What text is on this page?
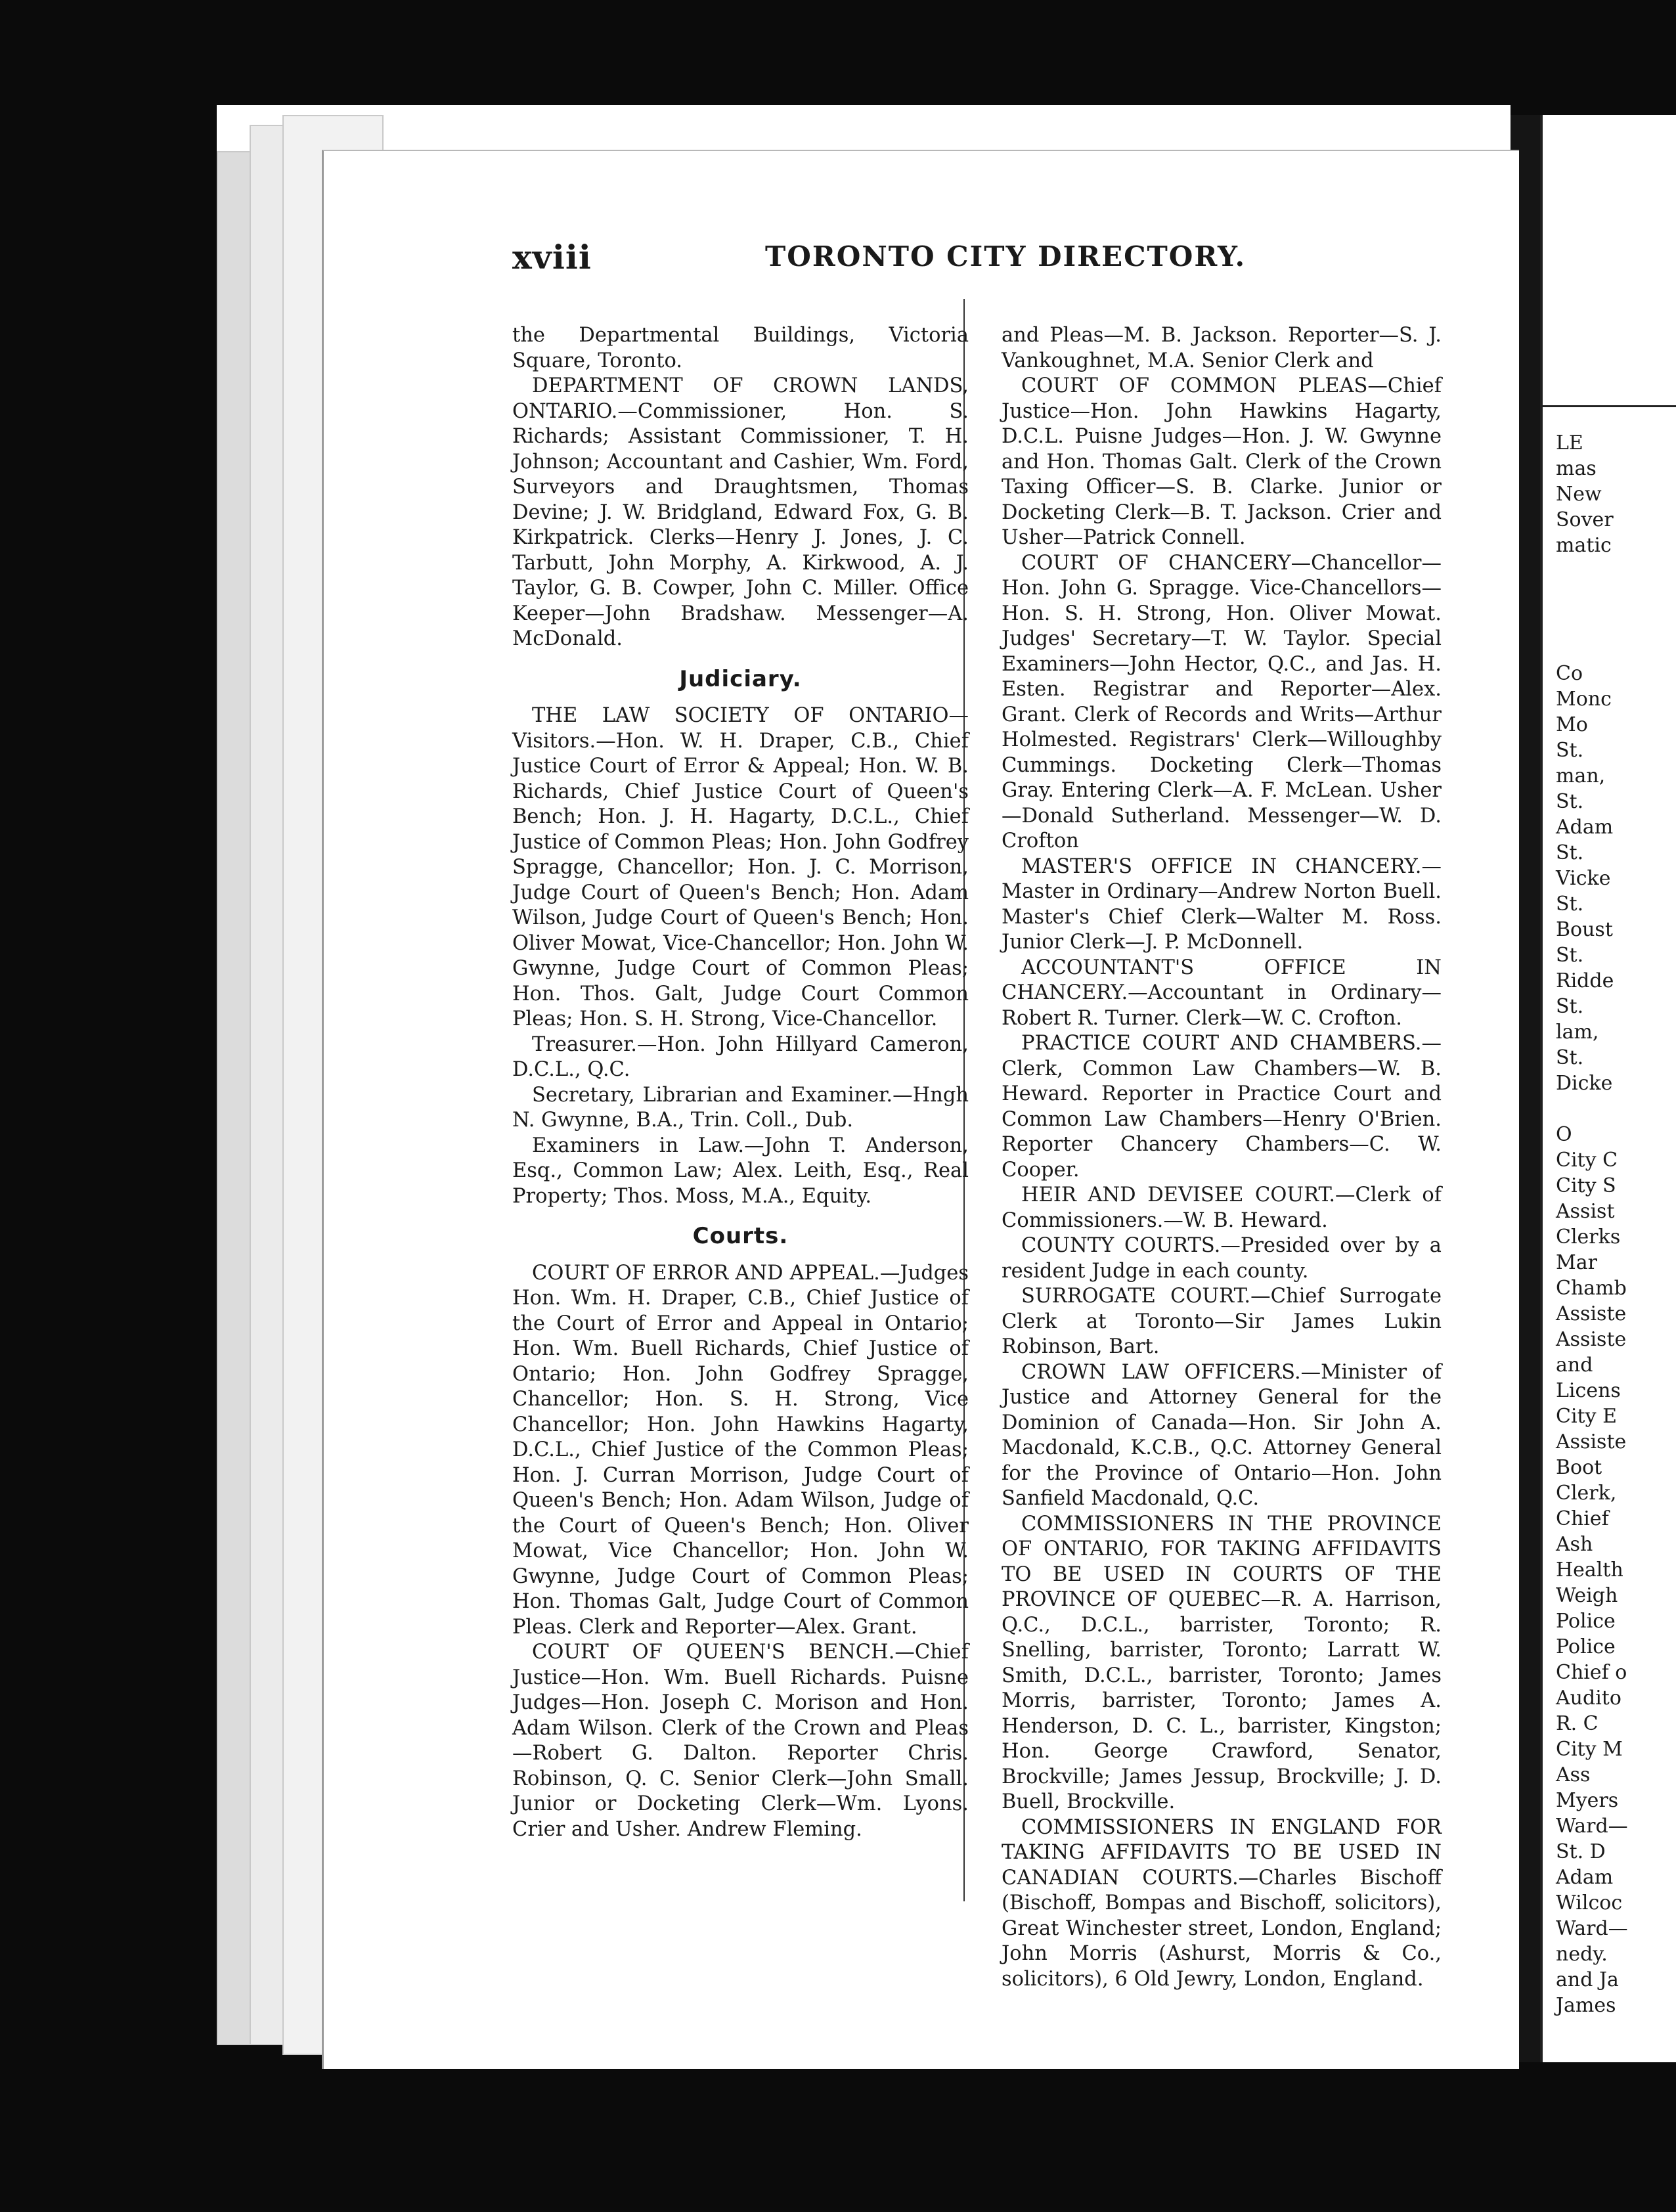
LE
mas
New
Sover
matic

Co
Monc
Mo
St.
man,
St.
Adam
St.
Vicke
St.
Boust
St.
Ridde
St.
lam,
St.
Dicke

O
City C
City S
Assist
Clerks
Mar
Chamb
Assiste
Assiste
and
Licens
City E
Assiste
Boot
Clerk,
Chief
Ash
Health
Weigh
Police
Police
Chief o
Audito
R. C
City M
Ass
Myers
Ward—
St. D
Adam
Wilcoc
Ward—
nedy.
and Ja
James
xviii	TORONTO CITY DIRECTORY.

the Departmental Buildings, Victoria Square, Toronto.

DEPARTMENT OF CROWN LANDS, ONTARIO.—Commissioner, Hon. S. Richards; Assistant Commissioner, T. H. Johnson; Accountant and Cashier, Wm. Ford, Surveyors and Draughtsmen, Thomas Devine; J. W. Bridgland, Edward Fox, G. B. Kirkpatrick. Clerks—Henry J. Jones, J. C. Tarbutt, John Morphy, A. Kirkwood, A. J. Taylor, G. B. Cowper, John C. Miller. Office Keeper—John Bradshaw. Messenger—A. McDonald.

Judiciary.

THE LAW SOCIETY OF ONTARIO—Visitors.—Hon. W. H. Draper, C.B., Chief Justice Court of Error & Appeal; Hon. W. B. Richards, Chief Justice Court of Queen's Bench; Hon. J. H. Hagarty, D.C.L., Chief Justice of Common Pleas; Hon. John Godfrey Spragge, Chancellor; Hon. J. C. Morrison, Judge Court of Queen's Bench; Hon. Adam Wilson, Judge Court of Queen's Bench; Hon. Oliver Mowat, Vice-Chancellor; Hon. John W. Gwynne, Judge Court of Common Pleas; Hon. Thos. Galt, Judge Court Common Pleas; Hon. S. H. Strong, Vice-Chancellor.

Treasurer.—Hon. John Hillyard Cameron, D.C.L., Q.C.

Secretary, Librarian and Examiner.—Hngh N. Gwynne, B.A., Trin. Coll., Dub.

Examiners in Law.—John T. Anderson, Esq., Common Law; Alex. Leith, Esq., Real Property; Thos. Moss, M.A., Equity.

Courts.

COURT OF ERROR AND APPEAL.—Judges Hon. Wm. H. Draper, C.B., Chief Justice of the Court of Error and Appeal in Ontario; Hon. Wm. Buell Richards, Chief Justice of Ontario; Hon. John Godfrey Spragge, Chancellor; Hon. S. H. Strong, Vice Chancellor; Hon. John Hawkins Hagarty, D.C.L., Chief Justice of the Common Pleas; Hon. J. Curran Morrison, Judge Court of Queen's Bench; Hon. Adam Wilson, Judge of the Court of Queen's Bench; Hon. Oliver Mowat, Vice Chancellor; Hon. John W. Gwynne, Judge Court of Common Pleas; Hon. Thomas Galt, Judge Court of Common Pleas. Clerk and Reporter—Alex. Grant.

COURT OF QUEEN'S BENCH.—Chief Justice—Hon. Wm. Buell Richards. Puisne Judges—Hon. Joseph C. Morison and Hon. Adam Wilson. Clerk of the Crown and Pleas—Robert G. Dalton. Reporter Chris. Robinson, Q. C. Senior Clerk—John Small. Junior or Docketing Clerk—Wm. Lyons. Crier and Usher. Andrew Fleming.

and Pleas—M. B. Jackson. Reporter—S. J. Vankoughnet, M.A. Senior Clerk and

COURT OF COMMON PLEAS—Chief Justice—Hon. John Hawkins Hagarty, D.C.L. Puisne Judges—Hon. J. W. Gwynne and Hon. Thomas Galt. Clerk of the Crown Taxing Officer—S. B. Clarke. Junior or Docketing Clerk—B. T. Jackson. Crier and Usher—Patrick Connell.

COURT OF CHANCERY—Chancellor—Hon. John G. Spragge. Vice-Chancellors—Hon. S. H. Strong, Hon. Oliver Mowat. Judges' Secretary—T. W. Taylor. Special Examiners—John Hector, Q.C., and Jas. H. Esten. Registrar and Reporter—Alex. Grant. Clerk of Records and Writs—Arthur Holmested. Registrars' Clerk—Willoughby Cummings. Docketing Clerk—Thomas Gray. Entering Clerk—A. F. McLean. Usher—Donald Sutherland. Messenger—W. D. Crofton

MASTER'S OFFICE IN CHANCERY.—Master in Ordinary—Andrew Norton Buell. Master's Chief Clerk—Walter M. Ross. Junior Clerk—J. P. McDonnell.

ACCOUNTANT'S OFFICE IN CHANCERY.—Accountant in Ordinary—Robert R. Turner. Clerk—W. C. Crofton.

PRACTICE COURT AND CHAMBERS.—Clerk, Common Law Chambers—W. B. Heward. Reporter in Practice Court and Common Law Chambers—Henry O'Brien. Reporter Chancery Chambers—C. W. Cooper.

HEIR AND DEVISEE COURT.—Clerk of Commissioners.—W. B. Heward.

COUNTY COURTS.—Presided over by a resident Judge in each county.

SURROGATE COURT.—Chief Surrogate Clerk at Toronto—Sir James Lukin Robinson, Bart.

CROWN LAW OFFICERS.—Minister of Justice and Attorney General for the Dominion of Canada—Hon. Sir John A. Macdonald, K.C.B., Q.C. Attorney General for the Province of Ontario—Hon. John Sanfield Macdonald, Q.C.

COMMISSIONERS IN THE PROVINCE OF ONTARIO, FOR TAKING AFFIDAVITS TO BE USED IN COURTS OF THE PROVINCE OF QUEBEC—R. A. Harrison, Q.C., D.C.L., barrister, Toronto; R. Snelling, barrister, Toronto; Larratt W. Smith, D.C.L., barrister, Toronto; James Morris, barrister, Toronto; James A. Henderson, D. C. L., barrister, Kingston; Hon. George Crawford, Senator, Brockville; James Jessup, Brockville; J. D. Buell, Brockville.

COMMISSIONERS IN ENGLAND FOR TAKING AFFIDAVITS TO BE USED IN CANADIAN COURTS.—Charles Bischoff (Bischoff, Bompas and Bischoff, solicitors), Great Winchester street, London, England; John Morris (Ashurst, Morris & Co., solicitors), 6 Old Jewry, London, England.
